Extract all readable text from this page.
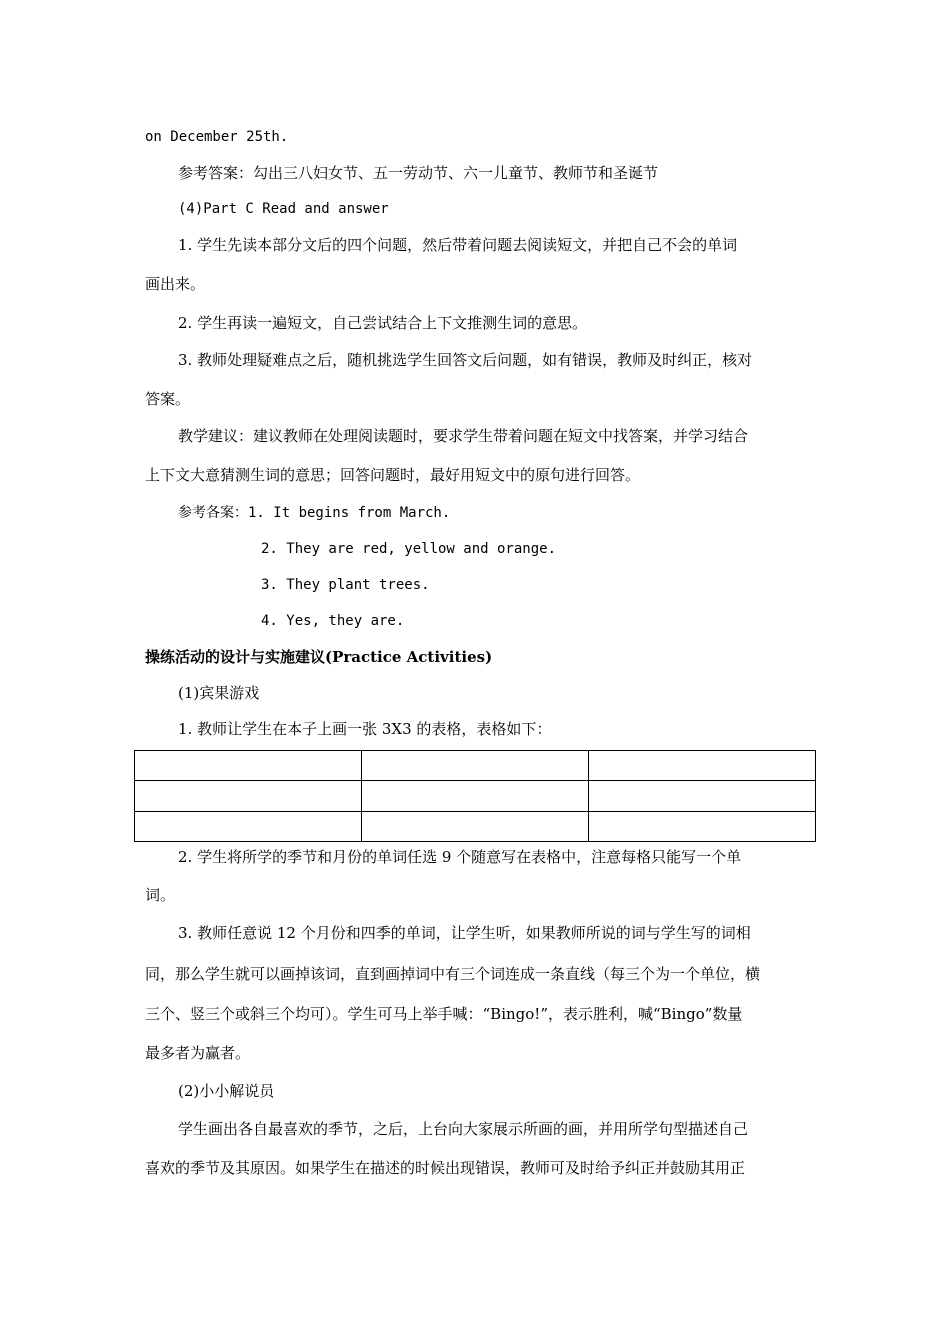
on December 25th.
参考答案：勾出三八妇女节、五一劳动节、六一儿童节、教师节和圣诞节
(4)Part C Read and answer
1. 学生先读本部分文后的四个问题，然后带着问题去阅读短文，并把自己不会的单词
画出来。
2. 学生再读一遍短文，自己尝试结合上下文推测生词的意思。
3. 教师处理疑难点之后，随机挑选学生回答文后问题，如有错误，教师及时纠正，核对
答案。
教学建议：建议教师在处理阅读题时，要求学生带着问题在短文中找答案，并学习结合
上下文大意猜测生词的意思；回答问题时，最好用短文中的原句进行回答。
参考各案：1. It begins from March.
2. They are red, yellow and orange.
3. They plant trees.
4. Yes, they are.
操练活动的设计与实施建议(Practice Activities)
(1)宾果游戏
1. 教师让学生在本子上画一张 3X3 的表格，表格如下：

2. 学生将所学的季节和月份的单词任选 9 个随意写在表格中，注意每格只能写一个单
词。
3. 教师任意说 12 个月份和四季的单词，让学生听，如果教师所说的词与学生写的词相
同，那么学生就可以画掉该词，直到画掉词中有三个词连成一条直线（每三个为一个单位，横
三个、竖三个或斜三个均可）。学生可马上举手喊：“Bingo!”，表示胜利，喊“Bingo”数量
最多者为赢者。
(2)小小解说员
学生画出各自最喜欢的季节，之后，上台向大家展示所画的画，并用所学句型描述自己
喜欢的季节及其原因。如果学生在描述的时候出现错误，教师可及时给予纠正并鼓励其用正
